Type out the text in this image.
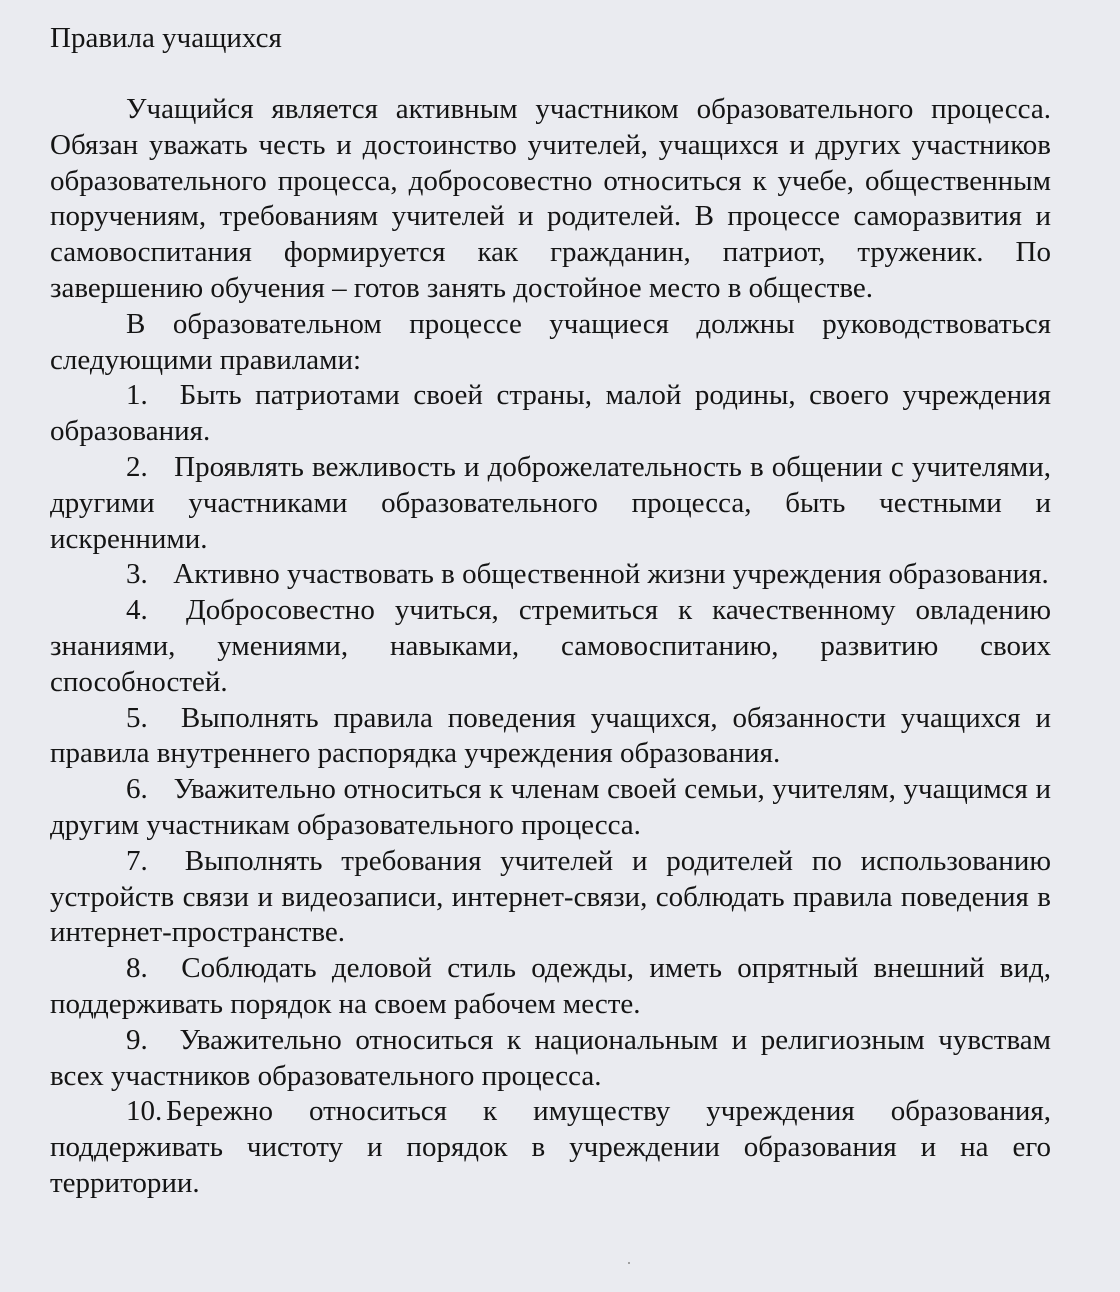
Правила учащихся

Учащийся является активным участником образовательного процесса. Обязан уважать честь и достоинство учителей, учащихся и других участников образовательного процесса, добросовестно относиться к учебе, общественным поручениям, требованиям учителей и родителей. В процессе саморазвития и самовоспитания формируется как гражданин, патриот, труженик. По завершению обучения – готов занять достойное место в обществе.

В образовательном процессе учащиеся должны руководствоваться следующими правилами:

1. Быть патриотами своей страны, малой родины, своего учреждения образования.

2. Проявлять вежливость и доброжелательность в общении с учителями, другими участниками образовательного процесса, быть честными и искренними.

3. Активно участвовать в общественной жизни учреждения образования.

4. Добросовестно учиться, стремиться к качественному овладению знаниями, умениями, навыками, самовоспитанию, развитию своих способностей.

5. Выполнять правила поведения учащихся, обязанности учащихся и правила внутреннего распорядка учреждения образования.

6. Уважительно относиться к членам своей семьи, учителям, учащимся и другим участникам образовательного процесса.

7. Выполнять требования учителей и родителей по использованию устройств связи и видеозаписи, интернет-связи, соблюдать правила поведения в интернет-пространстве.

8. Соблюдать деловой стиль одежды, иметь опрятный внешний вид, поддерживать порядок на своем рабочем месте.

9. Уважительно относиться к национальным и религиозным чувствам всех участников образовательного процесса.

10. Бережно относиться к имуществу учреждения образования, поддерживать чистоту и порядок в учреждении образования и на его территории.
